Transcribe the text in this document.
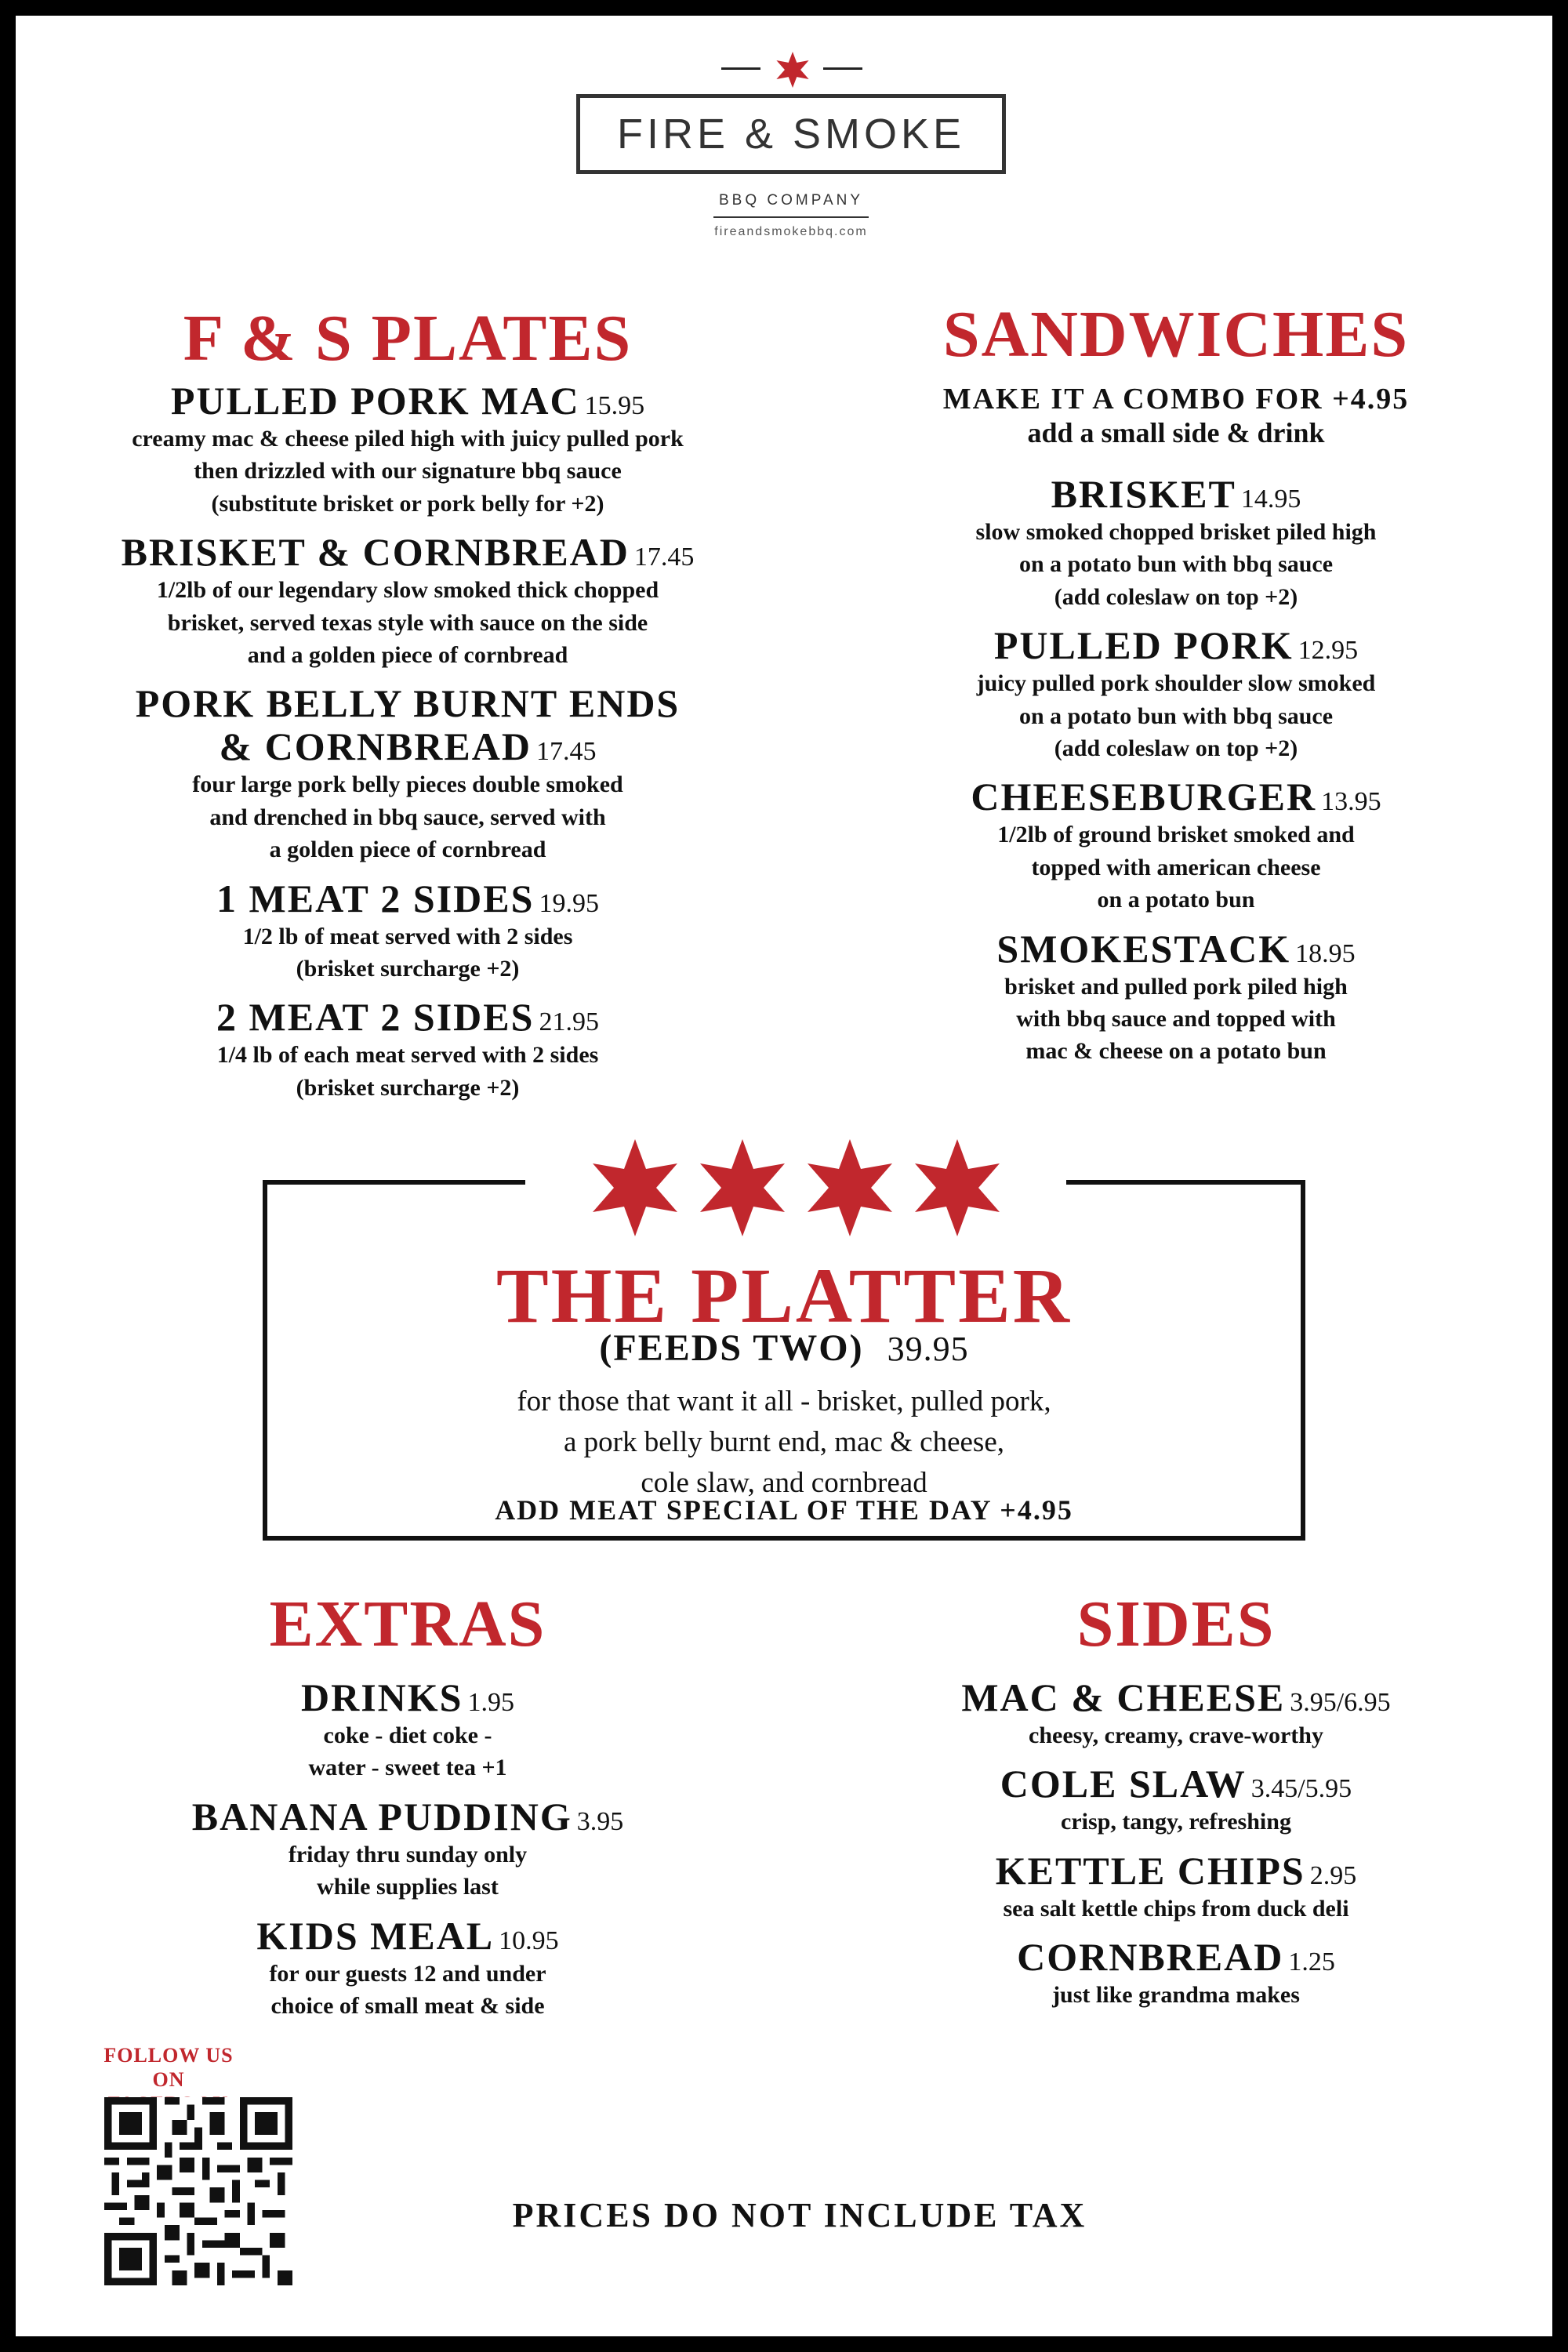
FIRE & SMOKE
BBQ COMPANY
fireandsmokebbq.com
F & S PLATES
PULLED PORK MAC 15.95
creamy mac & cheese piled high with juicy pulled pork
then drizzled with our signature bbq sauce
(substitute brisket or pork belly for +2)
BRISKET & CORNBREAD 17.45
1/2lb of our legendary slow smoked thick chopped
brisket, served texas style with sauce on the side
and a golden piece of cornbread
PORK BELLY BURNT ENDS
& CORNBREAD 17.45
four large pork belly pieces double smoked
and drenched in bbq sauce, served with
a golden piece of cornbread
1 MEAT 2 SIDES 19.95
1/2 lb of meat served with 2 sides
(brisket surcharge +2)
2 MEAT 2 SIDES 21.95
1/4 lb of each meat served with 2 sides
(brisket surcharge +2)
SANDWICHES
MAKE IT A COMBO FOR +4.95
add a small side & drink
BRISKET 14.95
slow smoked chopped brisket piled high
on a potato bun with bbq sauce
(add coleslaw on top +2)
PULLED PORK 12.95
juicy pulled pork shoulder slow smoked
on a potato bun with bbq sauce
(add coleslaw on top +2)
CHEESEBURGER 13.95
1/2lb of ground brisket smoked and
topped with american cheese
on a potato bun
SMOKESTACK 18.95
brisket and pulled pork piled high
with bbq sauce and topped with
mac & cheese on a potato bun
THE PLATTER
(FEEDS TWO) 39.95
for those that want it all - brisket, pulled pork,
a pork belly burnt end, mac & cheese,
cole slaw, and cornbread
ADD MEAT SPECIAL OF THE DAY +4.95
EXTRAS
DRINKS 1.95
coke - diet coke -
water - sweet tea +1
BANANA PUDDING 3.95
friday thru sunday only
while supplies last
KIDS MEAL 10.95
for our guests 12 and under
choice of small meat & side
SIDES
MAC & CHEESE 3.95/6.95
cheesy, creamy, crave-worthy
COLE SLAW 3.45/5.95
crisp, tangy, refreshing
KETTLE CHIPS 2.95
sea salt kettle chips from duck deli
CORNBREAD 1.25
just like grandma makes
FOLLOW US
ON
PRICES DO NOT INCLUDE TAX
